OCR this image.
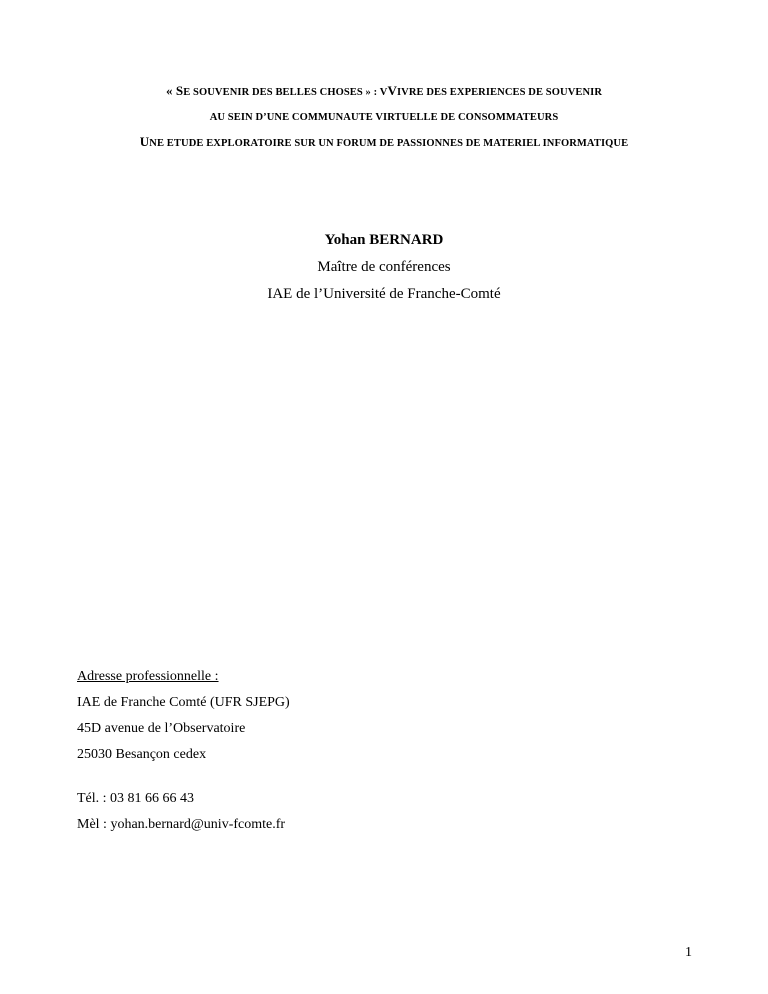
« SE SOUVENIR DES BELLES CHOSES » : VVIVRE DES EXPERIENCES DE SOUVENIR

AU SEIN D’UNE COMMUNAUTE VIRTUELLE DE CONSOMMATEURS

UNE ETUDE EXPLORATOIRE SUR UN FORUM DE PASSIONNES DE MATERIEL INFORMATIQUE

Yohan BERNARD
Maître de conférences
IAE de l’Université de Franche-Comté
Adresse professionnelle :
IAE de Franche Comté (UFR SJEPG)
45D avenue de l’Observatoire
25030 Besançon cedex
Tél. : 03 81 66 66 43
Mèl : yohan.bernard@univ-fcomte.fr
1
